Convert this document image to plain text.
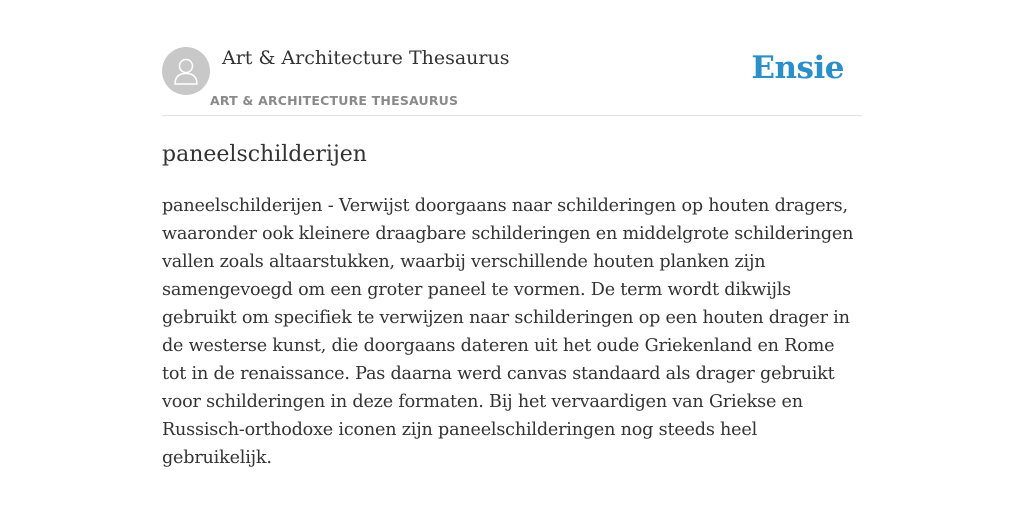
Art & Architecture Thesaurus
ART & ARCHITECTURE THESAURUS
Ensie
paneelschilderijen

paneelschilderijen - Verwijst doorgaans naar schilderingen op houten dragers, waaronder ook kleinere draagbare schilderingen en middelgrote schilderingen vallen zoals altaarstukken, waarbij verschillende houten planken zijn samengevoegd om een groter paneel te vormen. De term wordt dikwijls gebruikt om specifiek te verwijzen naar schilderingen op een houten drager in de westerse kunst, die doorgaans dateren uit het oude Griekenland en Rome tot in de renaissance. Pas daarna werd canvas standaard als drager gebruikt voor schilderingen in deze formaten. Bij het vervaardigen van Griekse en Russisch-orthodoxe iconen zijn paneelschilderingen nog steeds heel gebruikelijk.
